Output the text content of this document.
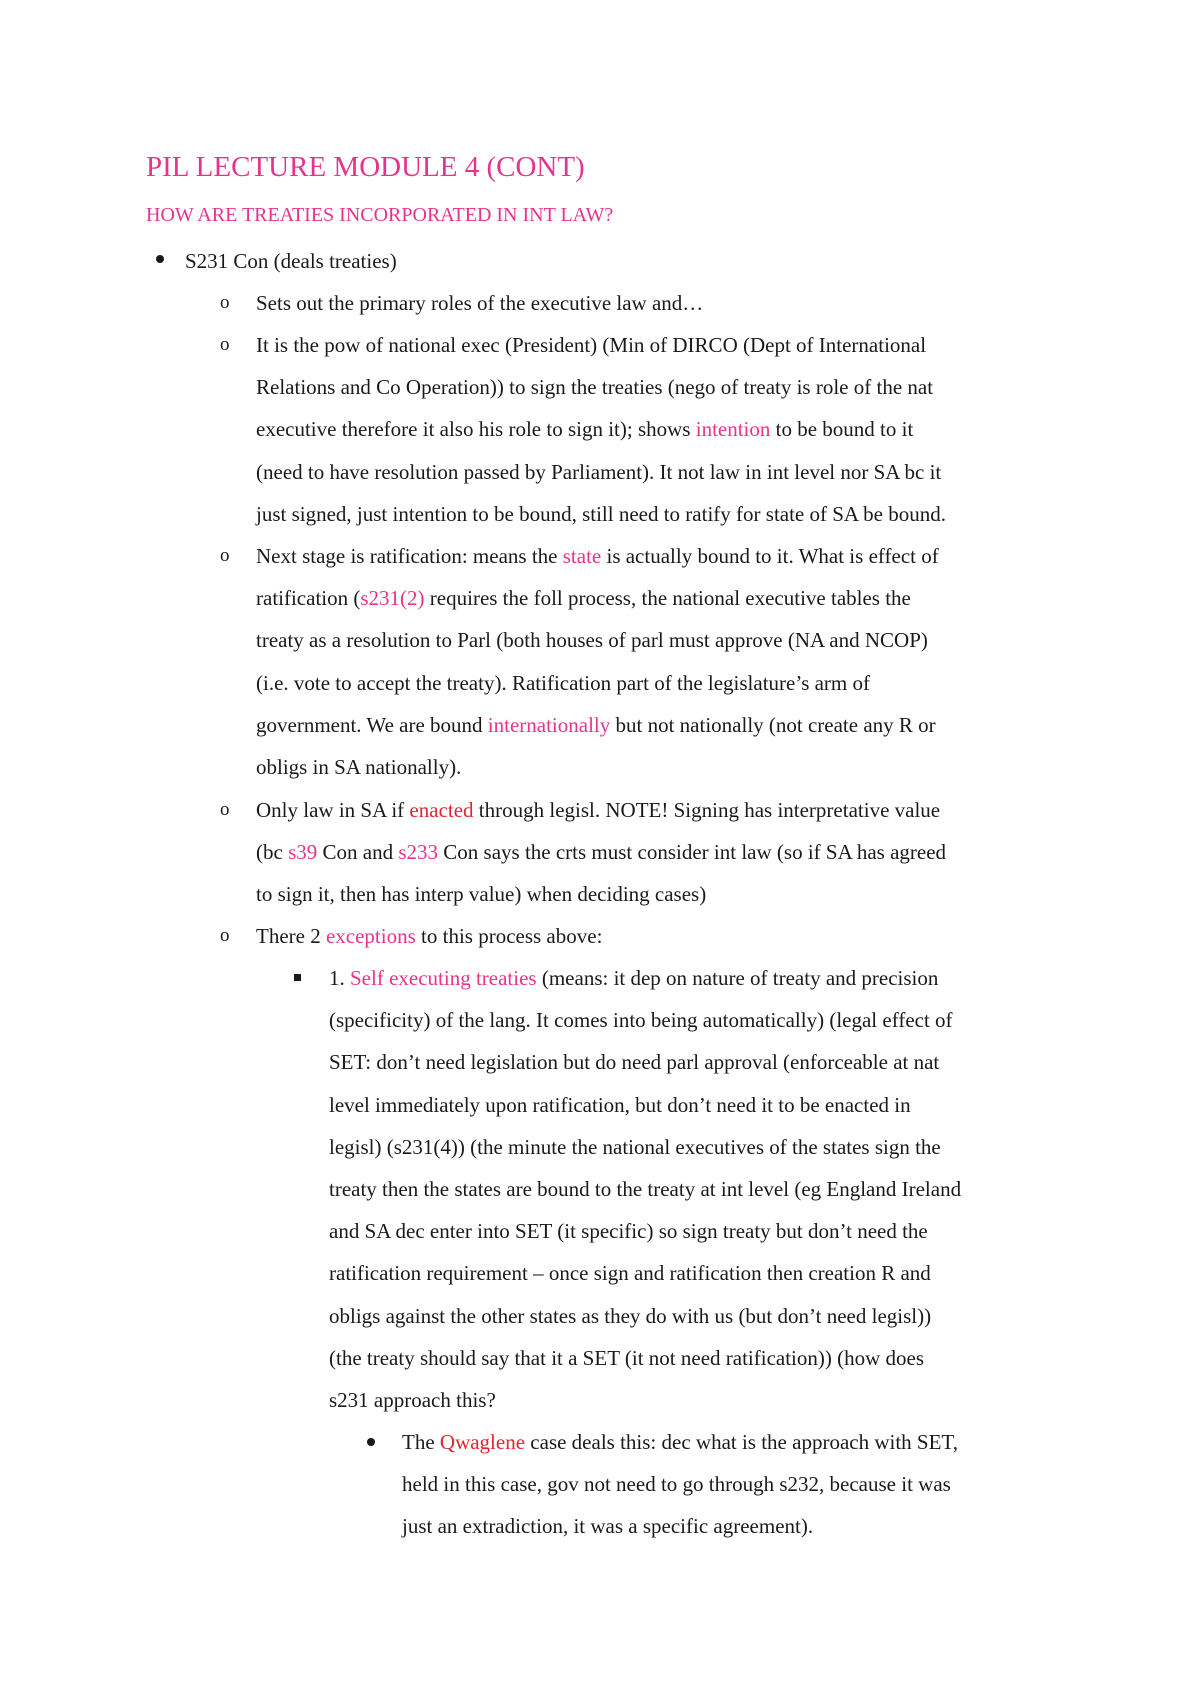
PIL LECTURE MODULE 4 (CONT)
HOW ARE TREATIES INCORPORATED IN INT LAW?
o
o
o
o
o
S231 Con (deals treaties)
Sets out the primary roles of the executive law and…
It is the pow of national exec (President) (Min of DIRCO (Dept of International
Relations and Co Operation)) to sign the treaties (nego of treaty is role of the nat
executive therefore it also his role to sign it); shows intention to be bound to it
(need to have resolution passed by Parliament). It not law in int level nor SA bc it
just signed, just intention to be bound, still need to ratify for state of SA be bound.
Next stage is ratification: means the state is actually bound to it. What is effect of
ratification (s231(2) requires the foll process, the national executive tables the
treaty as a resolution to Parl (both houses of parl must approve (NA and NCOP)
(i.e. vote to accept the treaty). Ratification part of the legislature’s arm of
government. We are bound internationally but not nationally (not create any R or
obligs in SA nationally).
Only law in SA if enacted through legisl. NOTE! Signing has interpretative value
(bc s39 Con and s233 Con says the crts must consider int law (so if SA has agreed
to sign it, then has interp value) when deciding cases)
There 2 exceptions to this process above:
1. Self executing treaties (means: it dep on nature of treaty and precision
(specificity) of the lang. It comes into being automatically) (legal effect of
SET: don’t need legislation but do need parl approval (enforceable at nat
level immediately upon ratification, but don’t need it to be enacted in
legisl) (s231(4)) (the minute the national executives of the states sign the
treaty then the states are bound to the treaty at int level (eg England Ireland
and SA dec enter into SET (it specific) so sign treaty but don’t need the
ratification requirement – once sign and ratification then creation R and
obligs against the other states as they do with us (but don’t need legisl))
(the treaty should say that it a SET (it not need ratification)) (how does
s231 approach this?
The Qwaglene case deals this: dec what is the approach with SET,
held in this case, gov not need to go through s232, because it was
just an extradiction, it was a specific agreement).
